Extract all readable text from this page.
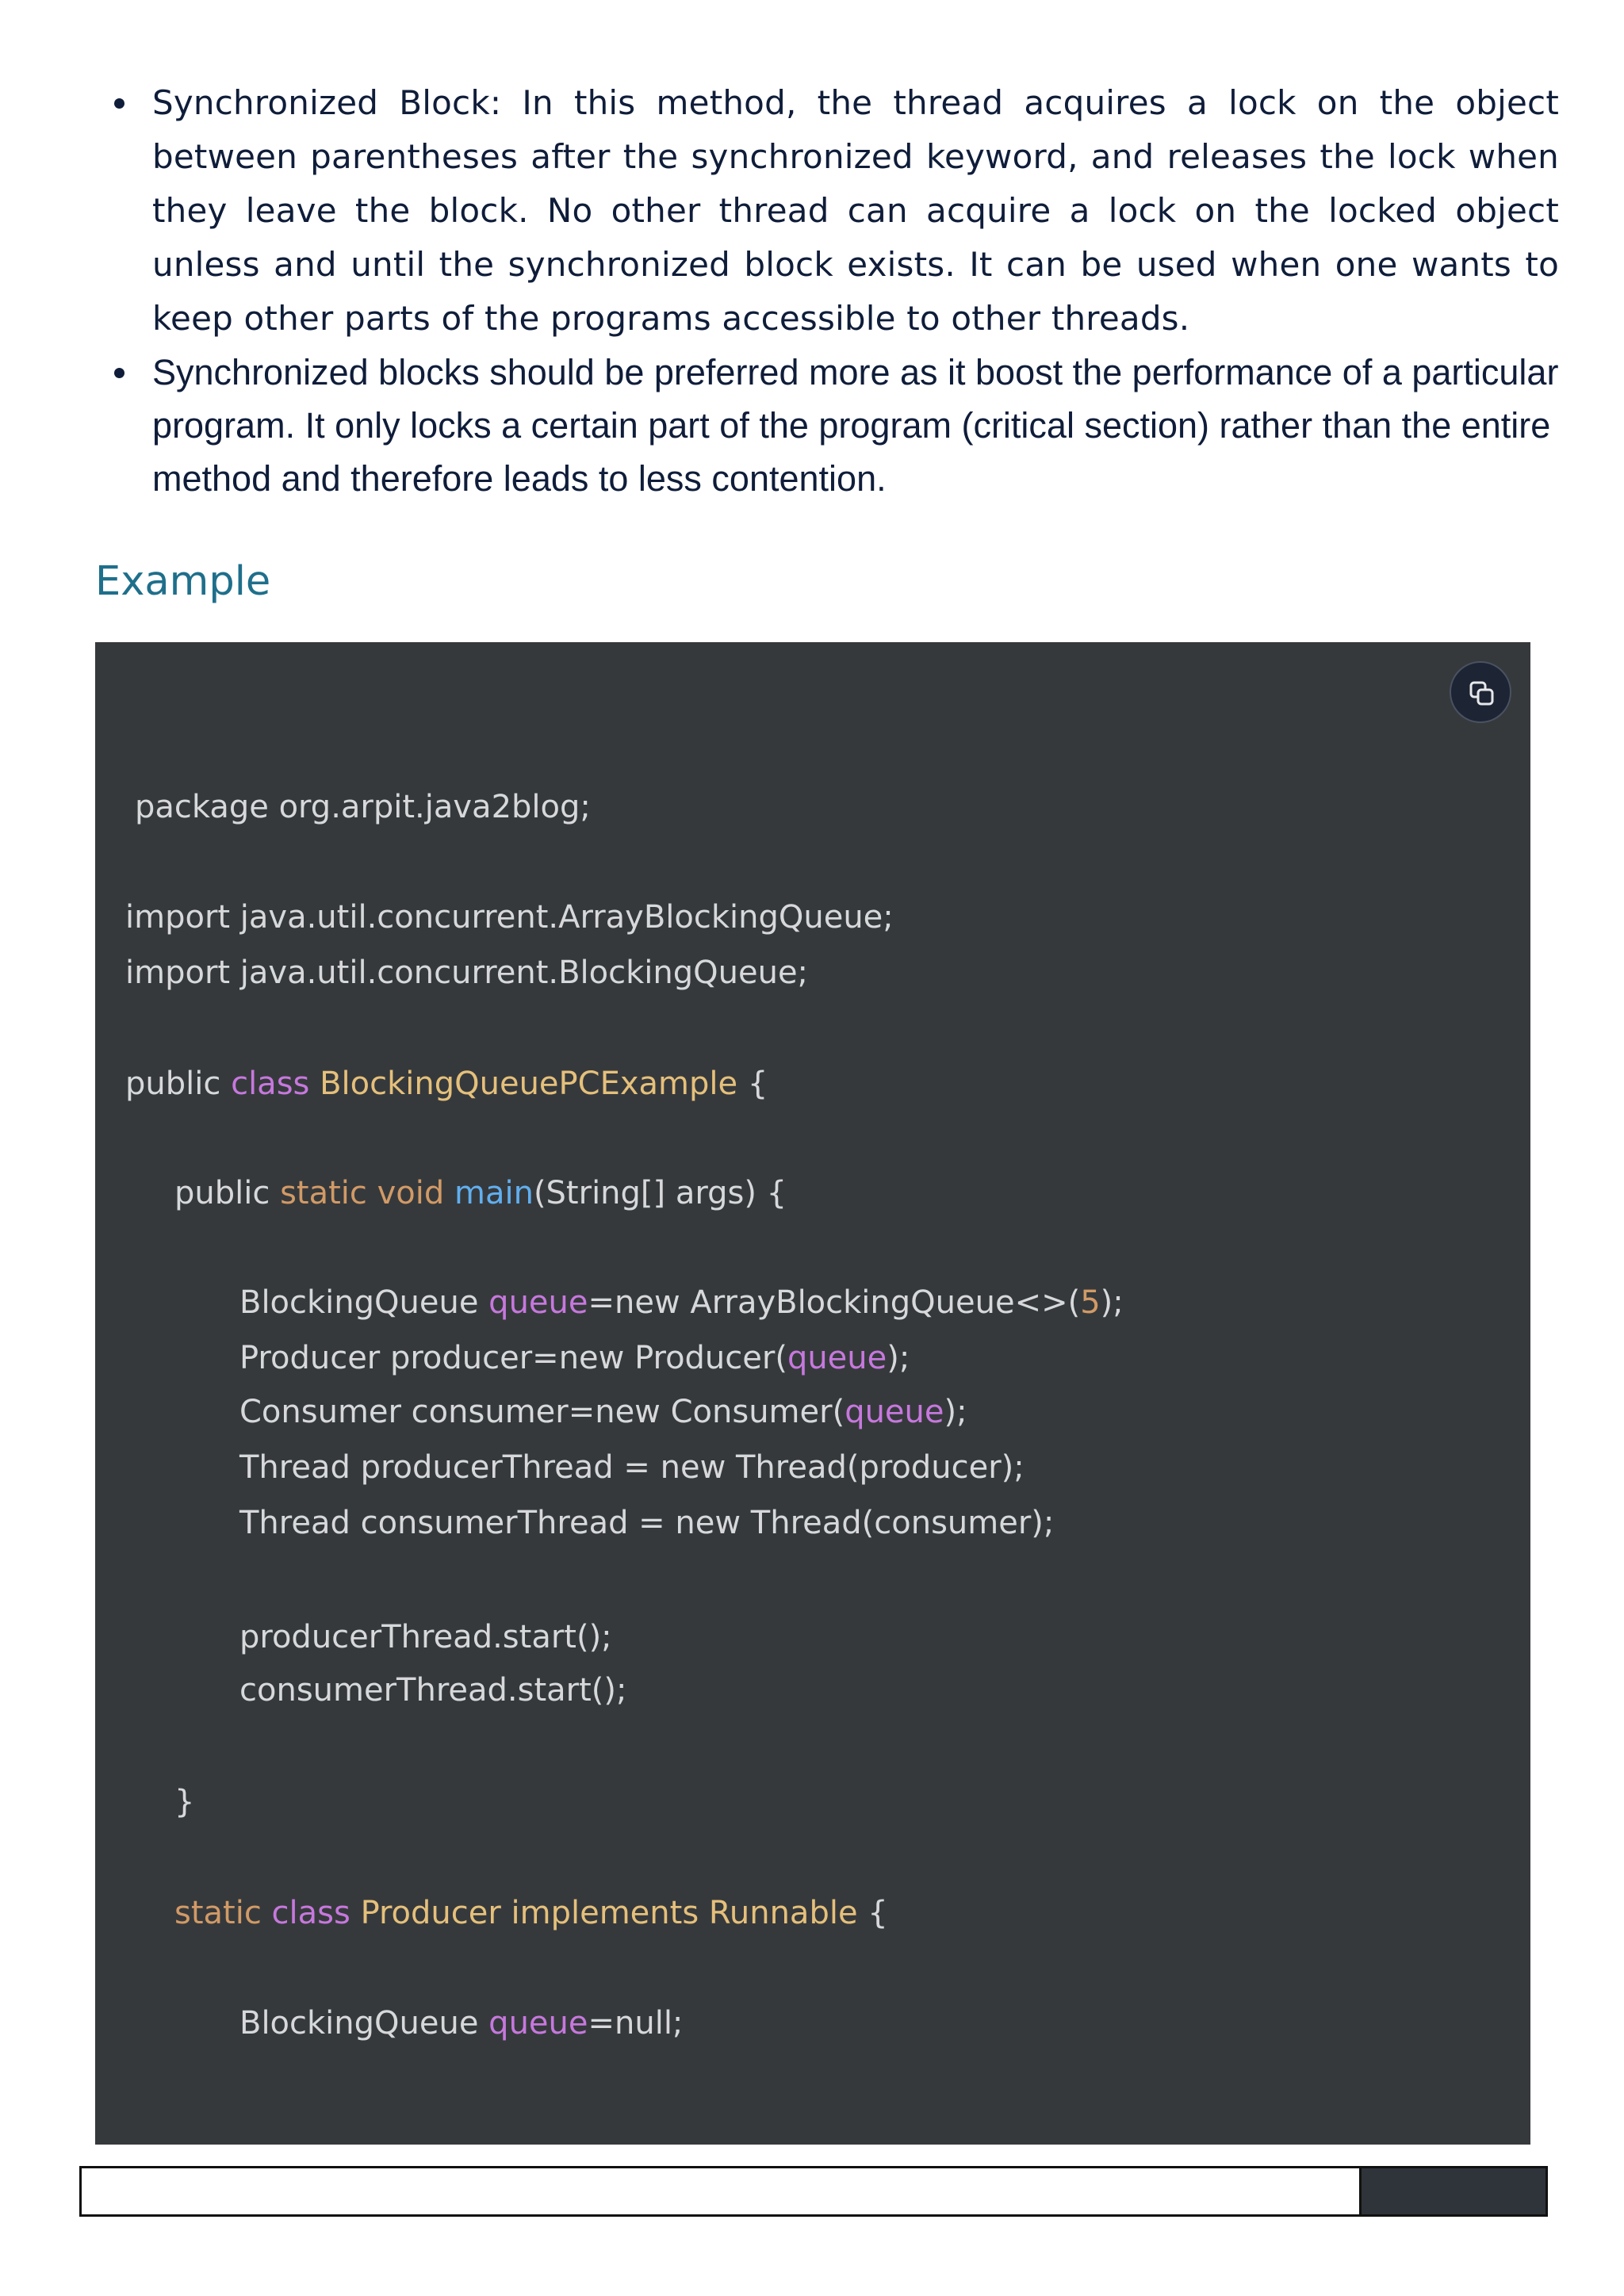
Synchronized Block: In this method, the thread acquires a lock on the object between parentheses after the synchronized keyword, and releases the lock when they leave the block. No other thread can acquire a lock on the locked object unless and until the synchronized block exists. It can be used when one wants to keep other parts of the programs accessible to other threads.
Synchronized blocks should be preferred more as it boost the performance of a particular program. It only locks a certain part of the program (critical section) rather than the entire method and therefore leads to less contention.
Example
package org.arpit.java2blog;
import java.util.concurrent.ArrayBlockingQueue;
import java.util.concurrent.BlockingQueue;
public class BlockingQueuePCExample {
public static void main(String[] args) {
BlockingQueue queue=new ArrayBlockingQueue<>(5);
Producer producer=new Producer(queue);
Consumer consumer=new Consumer(queue);
Thread producerThread = new Thread(producer);
Thread consumerThread = new Thread(consumer);
producerThread.start();
consumerThread.start();
}
static class Producer implements Runnable {
BlockingQueue queue=null;
